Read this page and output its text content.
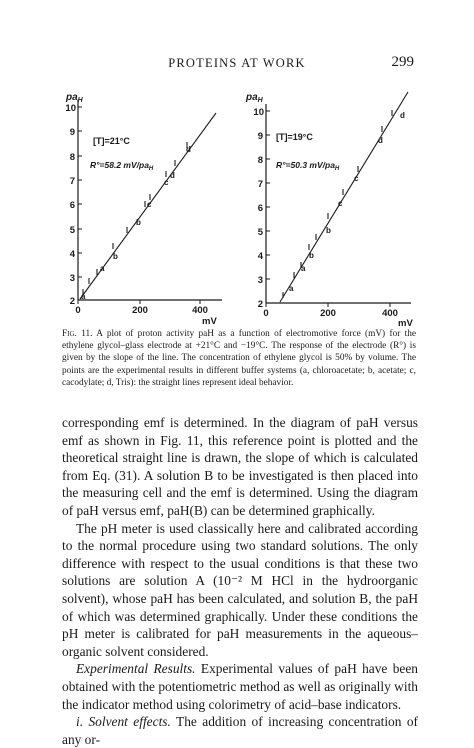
PROTEINS AT WORK	299
$pa_H$
2
3
4
5
6
7
8
9
10
0	200	400
mV
[T]=21°C
R°=58.2 $mV/pa_H$
a
a
b
b
c
c
d
d
$pa_H$
2
3
4
5
6
7
8
9
10
0	200	400
mV
[T]=19°C
R°=50.3 $mV/pa_H$
a
a
b
b
c
c
d
d
Fig. 11. A plot of proton activity paH as a function of electromotive force (mV) for the ethylene glycol–glass electrode at +21°C and −19°C. The response of the electrode (R°) is given by the slope of the line. The concentration of ethylene glycol is 50% by volume. The points are the experimental results in different buffer systems (a, chloroacetate; b, acetate; c, cacodylate; d, Tris): the straight lines represent ideal behavior.

corresponding emf is determined. In the diagram of paH versus emf as shown in Fig. 11, this reference point is plotted and the theoretical straight line is drawn, the slope of which is calculated from Eq. (31). A solution B to be investigated is then placed into the measuring cell and the emf is determined. Using the diagram of paH versus emf, paH(B) can be determined graphically.

The pH meter is used classically here and calibrated according to the normal procedure using two standard solutions. The only difference with respect to the usual conditions is that these two solutions are solution A (10⁻² M HCl in the hydroorganic solvent), whose paH has been calculated, and solution B, the paH of which was determined graphically. Under these conditions the pH meter is calibrated for paH measurements in the aqueous–organic solvent considered.

Experimental Results. Experimental values of paH have been obtained with the potentiometric method as well as originally with the indicator method using colorimetry of acid–base indicators.

i. Solvent effects. The addition of increasing concentration of any or-
